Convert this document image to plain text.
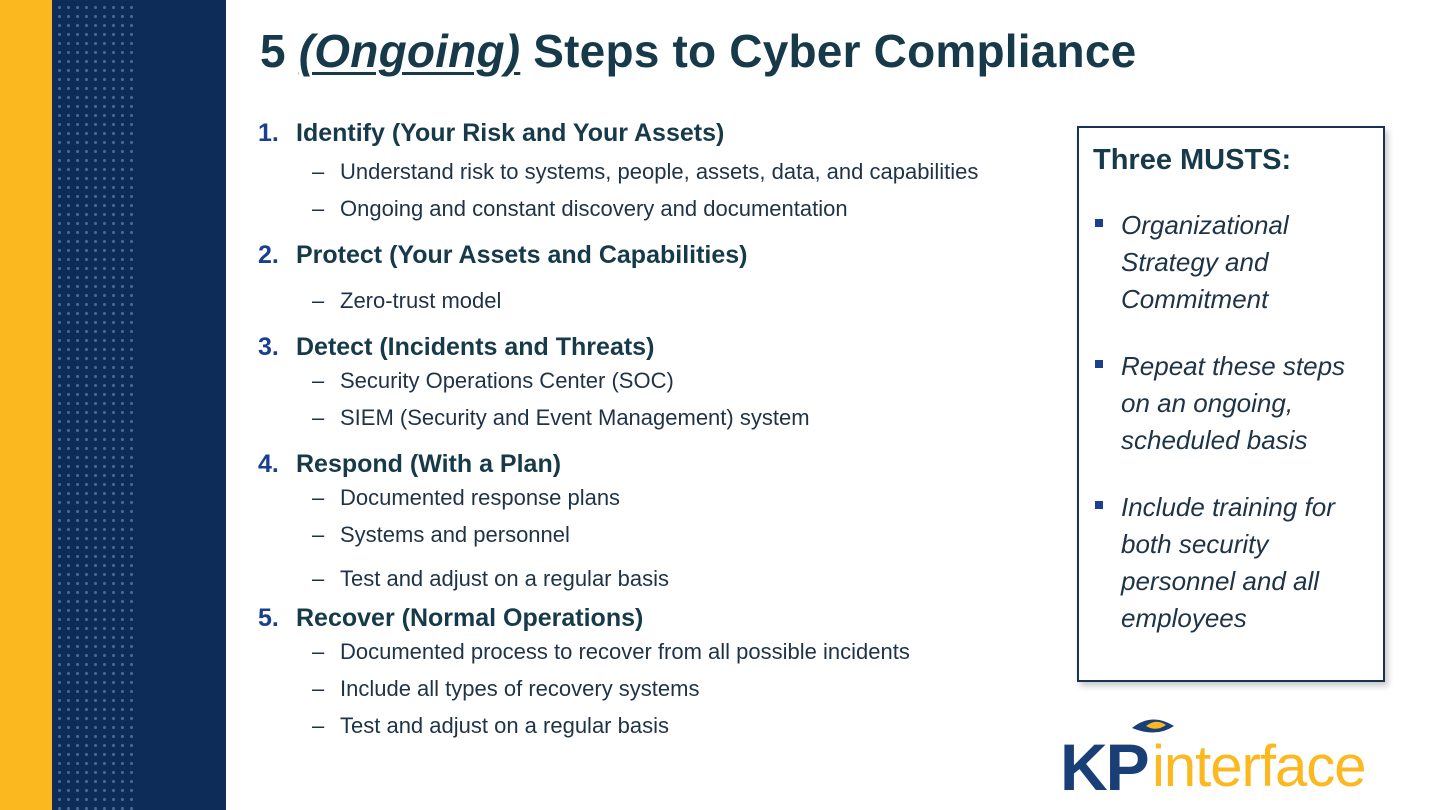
5 (Ongoing) Steps to Cyber Compliance
1. Identify (Your Risk and Your Assets)
– Understand risk to systems, people, assets, data, and capabilities
– Ongoing and constant discovery and documentation
2. Protect (Your Assets and Capabilities)
– Zero-trust model
3. Detect (Incidents and Threats)
– Security Operations Center (SOC)
– SIEM (Security and Event Management) system
4. Respond (With a Plan)
– Documented response plans
– Systems and personnel
– Test and adjust on a regular basis
5. Recover (Normal Operations)
– Documented process to recover from all possible incidents
– Include all types of recovery systems
– Test and adjust on a regular basis
Three MUSTS:
Organizational Strategy and Commitment
Repeat these steps on an ongoing, scheduled basis
Include training for both security personnel and all employees
KP interface
